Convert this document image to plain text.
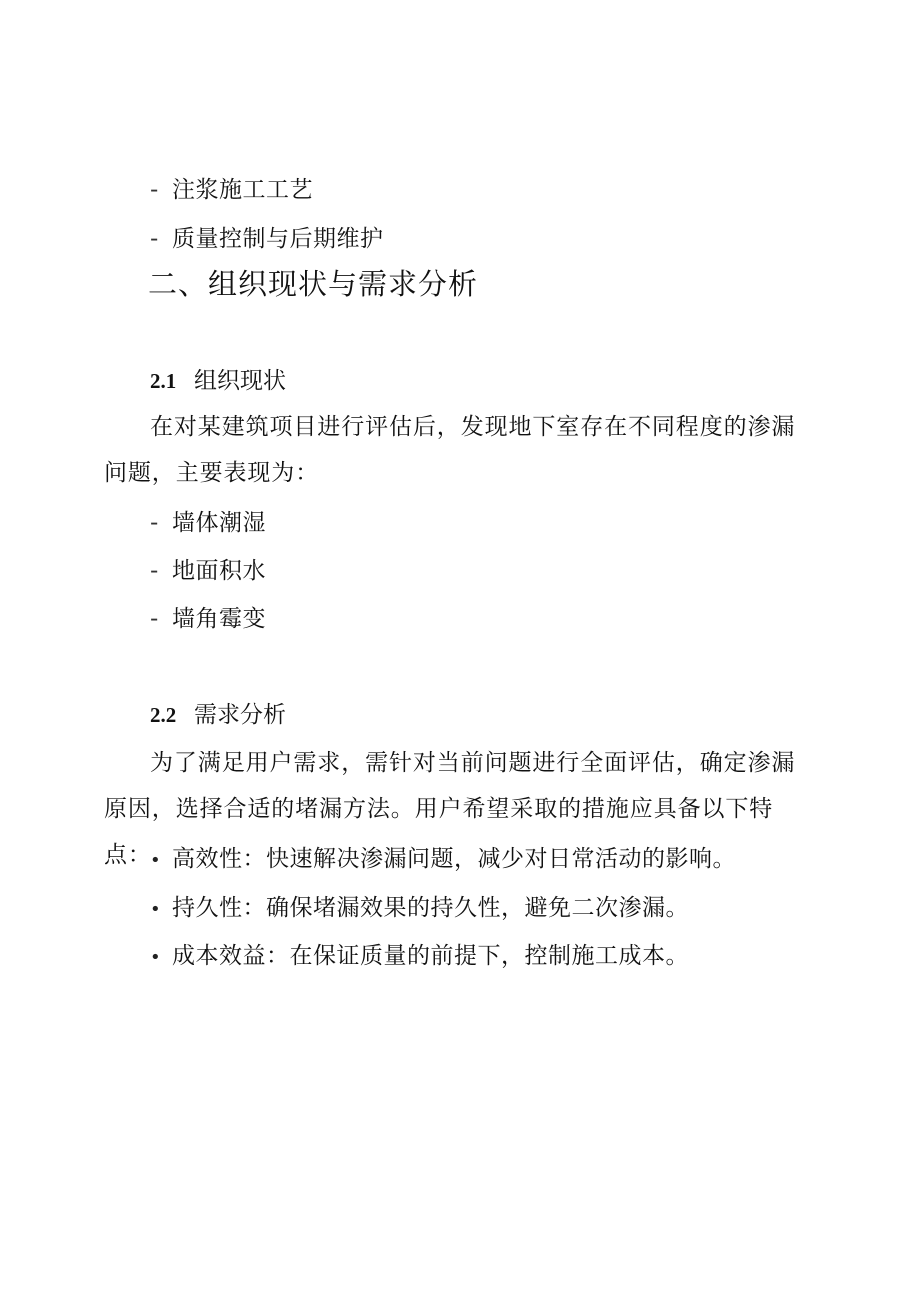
- 注浆施工工艺
- 质量控制与后期维护
二、组织现状与需求分析
2.1 组织现状

在对某建筑项目进行评估后，发现地下室存在不同程度的渗漏问题，主要表现为：

- 墙体潮湿
- 地面积水
- 墙角霉变
2.2 需求分析

为了满足用户需求，需针对当前问题进行全面评估，确定渗漏原因，选择合适的堵漏方法。用户希望采取的措施应具备以下特点：

• 高效性：快速解决渗漏问题，减少对日常活动的影响。
• 持久性：确保堵漏效果的持久性，避免二次渗漏。
• 成本效益：在保证质量的前提下，控制施工成本。
